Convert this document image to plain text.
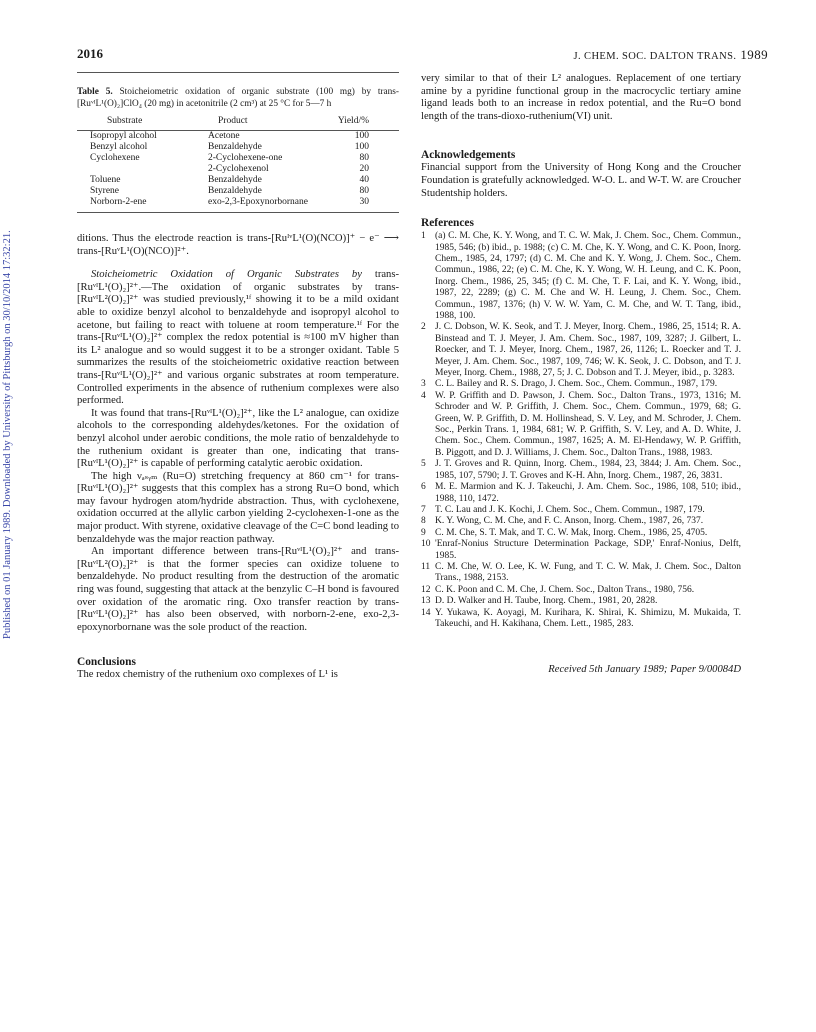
Published on 01 January 1989. Downloaded by University of Pittsburgh on 30/10/2014 17:32:21.
2016	J. CHEM. SOC. DALTON TRANS. 1989
Table 5. Stoicheiometric oxidation of organic substrate (100 mg) by trans-[RuᵛᴵL¹(O)₂]ClO₄ (20 mg) in acetonitrile (2 cm³) at 25 °C for 5—7 h
Substrate	Product	Yield/%
Isopropyl alcohol	Acetone	100
Benzyl alcohol	Benzaldehyde	100
Cyclohexene	2-Cyclohexene-one	80
	2-Cyclohexenol	20
Toluene	Benzaldehyde	40
Styrene	Benzaldehyde	80
Norborn-2-ene	exo-2,3-Epoxynorbornane	30

ditions. Thus the electrode reaction is trans-[RuᴵᵛL¹(O)(NCO)]⁺ − e⁻ ⟶ trans-[RuᵛL¹(O)(NCO)]²⁺.

Stoicheiometric Oxidation of Organic Substrates by trans-[RuᵛᴵL¹(O)₂]²⁺.—The oxidation of organic substrates by trans-[RuᵛᴵL²(O)₂]²⁺ was studied previously,¹ᶠ showing it to be a mild oxidant able to oxidize benzyl alcohol to benzaldehyde and isopropyl alcohol to acetone, but failing to react with toluene at room temperature.¹ᶠ For the trans-[RuᵛᴵL¹(O)₂]²⁺ complex the redox potential is ≈100 mV higher than its L² analogue and so would suggest it to be a stronger oxidant. Table 5 summarizes the results of the stoicheiometric oxidative reaction between trans-[RuᵛᴵL¹(O)₂]²⁺ and various organic substrates at room temperature. Controlled experiments in the absence of ruthenium complexes were also performed.

It was found that trans-[RuᵛᴵL¹(O)₂]²⁺, like the L² analogue, can oxidize alcohols to the corresponding aldehydes/ketones. For the oxidation of benzyl alcohol under aerobic conditions, the mole ratio of benzaldehyde to the ruthenium oxidant is greater than one, indicating that trans-[RuᵛᴵL¹(O)₂]²⁺ is capable of performing catalytic aerobic oxidation.

The high νₐₛᵧₘ (Ru=O) stretching frequency at 860 cm⁻¹ for trans-[RuᵛᴵL¹(O)₂]²⁺ suggests that this complex has a strong Ru=O bond, which may favour hydrogen atom/hydride abstraction. Thus, with cyclohexene, oxidation occurred at the allylic carbon yielding 2-cyclohexen-1-one as the major product. With styrene, oxidative cleavage of the C=C bond leading to benzaldehyde was the major reaction pathway.

An important difference between trans-[RuᵛᴵL¹(O)₂]²⁺ and trans-[RuᵛᴵL²(O)₂]²⁺ is that the former species can oxidize toluene to benzaldehyde. No product resulting from the destruction of the aromatic ring was found, suggesting that attack at the benzylic C–H bond is favoured over oxidation of the aromatic ring. Oxo transfer reaction by trans-[RuᵛᴵL¹(O)₂]²⁺ has also been observed, with norborn-2-ene, exo-2,3-epoxynorbornane was the sole product of the reaction.

Conclusions

The redox chemistry of the ruthenium oxo complexes of L¹ is

very similar to that of their L² analogues. Replacement of one tertiary amine by a pyridine functional group in the macrocyclic tertiary amine ligand leads both to an increase in redox potential, and the Ru=O bond length of the trans-dioxo-ruthenium(VI) unit.

Acknowledgements

Financial support from the University of Hong Kong and the Croucher Foundation is gratefully acknowledged. W-O. L. and W-T. W. are Croucher Studentship holders.

References
1 (a) C. M. Che, K. Y. Wong, and T. C. W. Mak, J. Chem. Soc., Chem. Commun., 1985, 546; (b) ibid., p. 1988; (c) C. M. Che, K. Y. Wong, and C. K. Poon, Inorg. Chem., 1985, 24, 1797; (d) C. M. Che and K. Y. Wong, J. Chem. Soc., Chem. Commun., 1986, 22; (e) C. M. Che, K. Y. Wong, W. H. Leung, and C. K. Poon, Inorg. Chem., 1986, 25, 345; (f) C. M. Che, T. F. Lai, and K. Y. Wong, ibid., 1987, 22, 2289; (g) C. M. Che and W. H. Leung, J. Chem. Soc., Chem. Commun., 1987, 1376; (h) V. W. W. Yam, C. M. Che, and W. T. Tang, ibid., 1988, 100.
2 J. C. Dobson, W. K. Seok, and T. J. Meyer, Inorg. Chem., 1986, 25, 1514; R. A. Binstead and T. J. Meyer, J. Am. Chem. Soc., 1987, 109, 3287; J. Gilbert, L. Roecker, and T. J. Meyer, Inorg. Chem., 1987, 26, 1126; L. Roecker and T. J. Meyer, J. Am. Chem. Soc., 1987, 109, 746; W. K. Seok, J. C. Dobson, and T. J. Meyer, Inorg. Chem., 1988, 27, 5; J. C. Dobson and T. J. Meyer, ibid., p. 3283.
3 C. L. Bailey and R. S. Drago, J. Chem. Soc., Chem. Commun., 1987, 179.
4 W. P. Griffith and D. Pawson, J. Chem. Soc., Dalton Trans., 1973, 1316; M. Schroder and W. P. Griffith, J. Chem. Soc., Chem. Commun., 1979, 68; G. Green, W. P. Griffith, D. M. Hollinshead, S. V. Ley, and M. Schroder, J. Chem. Soc., Perkin Trans. 1, 1984, 681; W. P. Griffith, S. V. Ley, and A. D. White, J. Chem. Soc., Chem. Commun., 1987, 1625; A. M. El-Hendawy, W. P. Griffith, B. Piggott, and D. J. Williams, J. Chem. Soc., Dalton Trans., 1988, 1983.
5 J. T. Groves and R. Quinn, Inorg. Chem., 1984, 23, 3844; J. Am. Chem. Soc., 1985, 107, 5790; J. T. Groves and K-H. Ahn, Inorg. Chem., 1987, 26, 3831.
6 M. E. Marmion and K. J. Takeuchi, J. Am. Chem. Soc., 1986, 108, 510; ibid., 1988, 110, 1472.
7 T. C. Lau and J. K. Kochi, J. Chem. Soc., Chem. Commun., 1987, 179.
8 K. Y. Wong, C. M. Che, and F. C. Anson, Inorg. Chem., 1987, 26, 737.
9 C. M. Che, S. T. Mak, and T. C. W. Mak, Inorg. Chem., 1986, 25, 4705.
10 'Enraf-Nonius Structure Determination Package, SDP,' Enraf-Nonius, Delft, 1985.
11 C. M. Che, W. O. Lee, K. W. Fung, and T. C. W. Mak, J. Chem. Soc., Dalton Trans., 1988, 2153.
12 C. K. Poon and C. M. Che, J. Chem. Soc., Dalton Trans., 1980, 756.
13 D. D. Walker and H. Taube, Inorg. Chem., 1981, 20, 2828.
14 Y. Yukawa, K. Aoyagi, M. Kurihara, K. Shirai, K. Shimizu, M. Mukaida, T. Takeuchi, and H. Kakihana, Chem. Lett., 1985, 283.
Received 5th January 1989; Paper 9/00084D
